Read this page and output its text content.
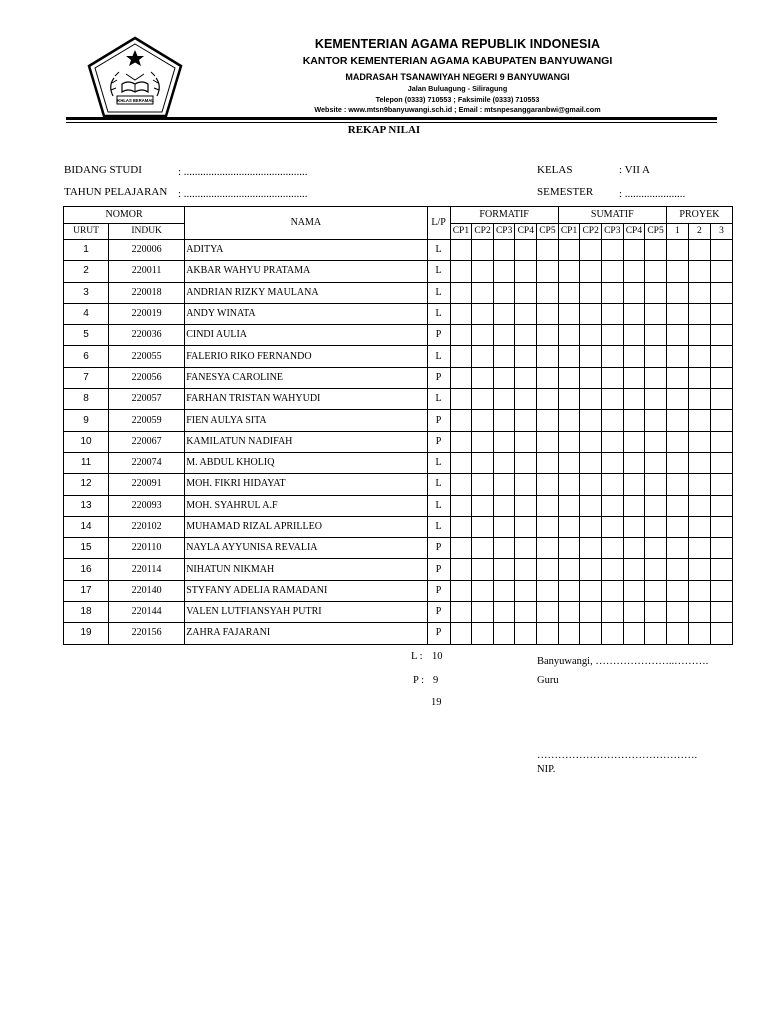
IKHLAS BERAMAL
KEMENTERIAN AGAMA REPUBLIK INDONESIA
KANTOR KEMENTERIAN AGAMA KABUPATEN BANYUWANGI
MADRASAH TSANAWIYAH NEGERI 9 BANYUWANGI
Jalan Buluagung - Siliragung
Telepon (0333) 710553 ; Faksimile (0333) 710553
Website : www.mtsn9banyuwangi.sch.id ; Email : mtsnpesanggaranbwi@gmail.com
REKAP NILAI
BIDANG STUDI	: .............................................
TAHUN PELAJARAN : .............................................
KELAS	: VII A
SEMESTER : ......................
NOMOR		NAMA	L/P	FORMATIF					SUMATIF					PROYEK		
URUT	INDUK			CP1	CP2	CP3	CP4	CP5	CP1	CP2	CP3	CP4	CP5	1	2	3
1	220006	ADITYA	L													
2	220011	AKBAR WAHYU PRATAMA	L													
3	220018	ANDRIAN RIZKY MAULANA	L													
4	220019	ANDY WINATA	L													
5	220036	CINDI AULIA	P													
6	220055	FALERIO RIKO FERNANDO	L													
7	220056	FANESYA CAROLINE	P													
8	220057	FARHAN TRISTAN WAHYUDI	L													
9	220059	FIEN AULYA SITA	P													
10	220067	KAMILATUN NADIFAH	P													
11	220074	M. ABDUL KHOLIQ	L													
12	220091	MOH. FIKRI HIDAYAT	L													
13	220093	MOH. SYAHRUL A.F	L													
14	220102	MUHAMAD RIZAL APRILLEO	L													
15	220110	NAYLA AYYUNISA REVALIA	P													
16	220114	NIHATUN NIKMAH	P													
17	220140	STYFANY ADELIA RAMADANI	P													
18	220144	VALEN LUTFIANSYAH PUTRI	P													
19	220156	ZAHRA FAJARANI	P													
L : 10
P : 9
19
Banyuwangi, …………………..……….
Guru
……………………………………….
NIP.
